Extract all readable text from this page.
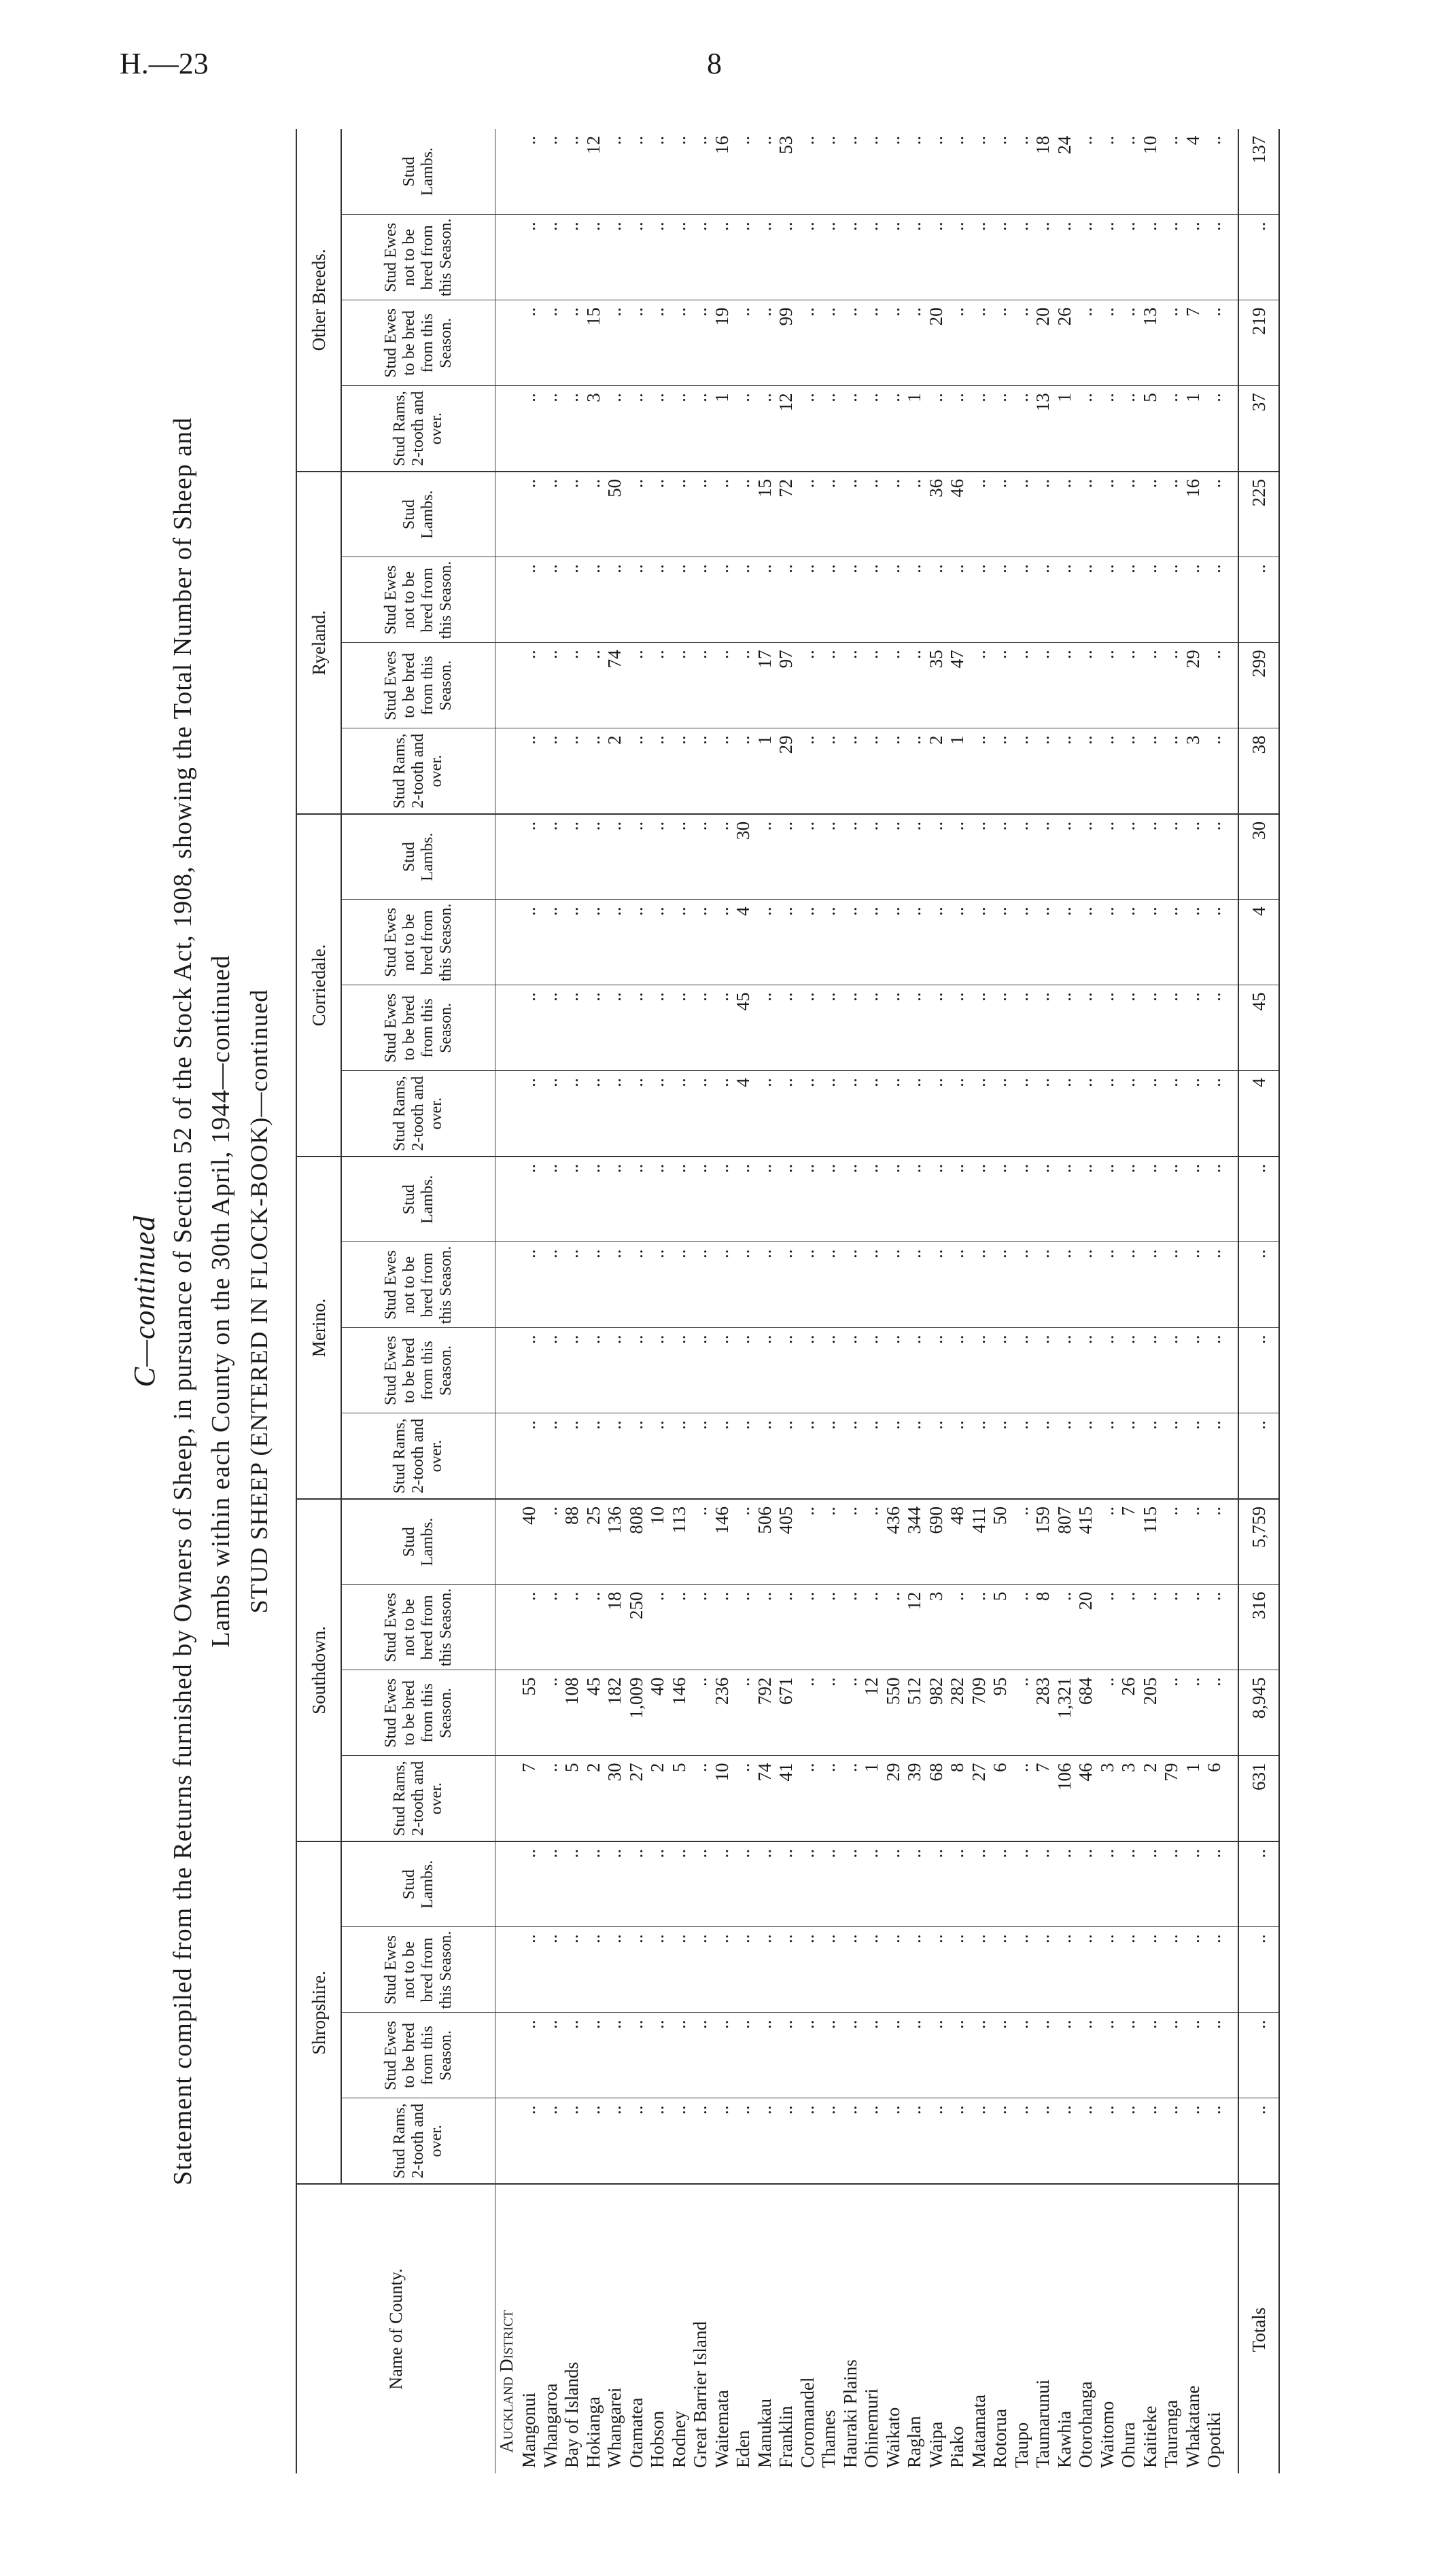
H.—23	8
C—continued Statement compiled from the Returns furnished by Owners of Sheep, in pursuance of Section 52 of the Stock Act, 1908, showing the Total Number of Sheep and Lambs within each County on the 30th April, 1944—continued STUD SHEEP (ENTERED IN FLOCK-BOOK)—continued
Name of County.	Shropshire.				Southdown.				Merino.				Corriedale.				Ryeland.				Other Breeds.			
	Stud Rams, 2-tooth and over.	Stud Ewes to be bred from this Season.	Stud Ewes not to be bred from this Season.	Stud Lambs.	Stud Rams, 2-tooth and over.	Stud Ewes to be bred from this Season.	Stud Ewes not to be bred from this Season.	Stud Lambs.	Stud Rams, 2-tooth and over.	Stud Ewes to be bred from this Season.	Stud Ewes not to be bred from this Season.	Stud Lambs.	Stud Rams, 2-tooth and over.	Stud Ewes to be bred from this Season.	Stud Ewes not to be bred from this Season.	Stud Lambs.	Stud Rams, 2-tooth and over.	Stud Ewes to be bred from this Season.	Stud Ewes not to be bred from this Season.	Stud Lambs.	Stud Rams, 2-tooth and over.	Stud Ewes to be bred from this Season.	Stud Ewes not to be bred from this Season.	Stud Lambs.
Auckland District																								
Mangonui	..	..	..	..	7	55	..	40	..	..	..	..	..	..	..	..	..	..	..	..	..	..	..	..
Whangaroa	..	..	..	..	..	..	..	..	..	..	..	..	..	..	..	..	..	..	..	..	..	..	..	..
Bay of Islands	..	..	..	..	5	108	..	88	..	..	..	..	..	..	..	..	..	..	..	..	..	..	..	..
Hokianga	..	..	..	..	2	45	..	25	..	..	..	..	..	..	..	..	..	..	..	..	3	15	..	12
Whangarei	..	..	..	..	30	182	18	136	..	..	..	..	..	..	..	..	2	74	..	50	..	..	..	..
Otamatea	..	..	..	..	27	1,009	250	808	..	..	..	..	..	..	..	..	..	..	..	..	..	..	..	..
Hobson	..	..	..	..	2	40	..	10	..	..	..	..	..	..	..	..	..	..	..	..	..	..	..	..
Rodney	..	..	..	..	5	146	..	113	..	..	..	..	..	..	..	..	..	..	..	..	..	..	..	..
Great Barrier Island	..	..	..	..	..	..	..	..	..	..	..	..	..	..	..	..	..	..	..	..	..	..	..	..
Waitemata	..	..	..	..	10	236	..	146	..	..	..	..	..	..	..	..	..	..	..	..	1	19	..	16
Eden	..	..	..	..	..	..	..	..	..	..	..	..	4	45	4	30	..	..	..	..	..	..	..	..
Manukau	..	..	..	..	74	792	..	506	..	..	..	..	..	..	..	..	1	17	..	15	..	..	..	..
Franklin	..	..	..	..	41	671	..	405	..	..	..	..	..	..	..	..	29	97	..	72	12	99	..	53
Coromandel	..	..	..	..	..	..	..	..	..	..	..	..	..	..	..	..	..	..	..	..	..	..	..	..
Thames	..	..	..	..	..	..	..	..	..	..	..	..	..	..	..	..	..	..	..	..	..	..	..	..
Hauraki Plains	..	..	..	..	..	..	..	..	..	..	..	..	..	..	..	..	..	..	..	..	..	..	..	..
Ohinemuri	..	..	..	..	1	12	..	..	..	..	..	..	..	..	..	..	..	..	..	..	..	..	..	..
Waikato	..	..	..	..	29	550	..	436	..	..	..	..	..	..	..	..	..	..	..	..	..	..	..	..
Raglan	..	..	..	..	39	512	12	344	..	..	..	..	..	..	..	..	..	..	..	..	1	..	..	..
Waipa	..	..	..	..	68	982	3	690	..	..	..	..	..	..	..	..	2	35	..	36	..	20	..	..
Piako	..	..	..	..	8	282	..	48	..	..	..	..	..	..	..	..	1	47	..	46	..	..	..	..
Matamata	..	..	..	..	27	709	..	411	..	..	..	..	..	..	..	..	..	..	..	..	..	..	..	..
Rotorua	..	..	..	..	6	95	5	50	..	..	..	..	..	..	..	..	..	..	..	..	..	..	..	..
Taupo	..	..	..	..	..	..	..	..	..	..	..	..	..	..	..	..	..	..	..	..	..	..	..	..
Taumarunui	..	..	..	..	7	283	8	159	..	..	..	..	..	..	..	..	..	..	..	..	13	20	..	18
Kawhia	..	..	..	..	106	1,321	..	807	..	..	..	..	..	..	..	..	..	..	..	..	1	26	..	24
Otorohanga	..	..	..	..	46	684	20	415	..	..	..	..	..	..	..	..	..	..	..	..	..	..	..	..
Waitomo	..	..	..	..	3	..	..	..	..	..	..	..	..	..	..	..	..	..	..	..	..	..	..	..
Ohura	..	..	..	..	3	26	..	7	..	..	..	..	..	..	..	..	..	..	..	..	..	..	..	..
Kaitieke	..	..	..	..	2	205	..	115	..	..	..	..	..	..	..	..	..	..	..	..	5	13	..	10
Tauranga	..	..	..	..	79	..	..	..	..	..	..	..	..	..	..	..	..	..	..	..	..	..	..	..
Whakatane	..	..	..	..	1	..	..	..	..	..	..	..	..	..	..	..	3	29	..	16	1	7	..	4
Opotiki	..	..	..	..	6	..	..	..	..	..	..	..	..	..	..	..	..	..	..	..	..	..	..	..

Totals	..	..	..	..	631	8,945	316	5,759	..	..	..	..	4	45	4	30	38	299	..	225	37	219	..	137
